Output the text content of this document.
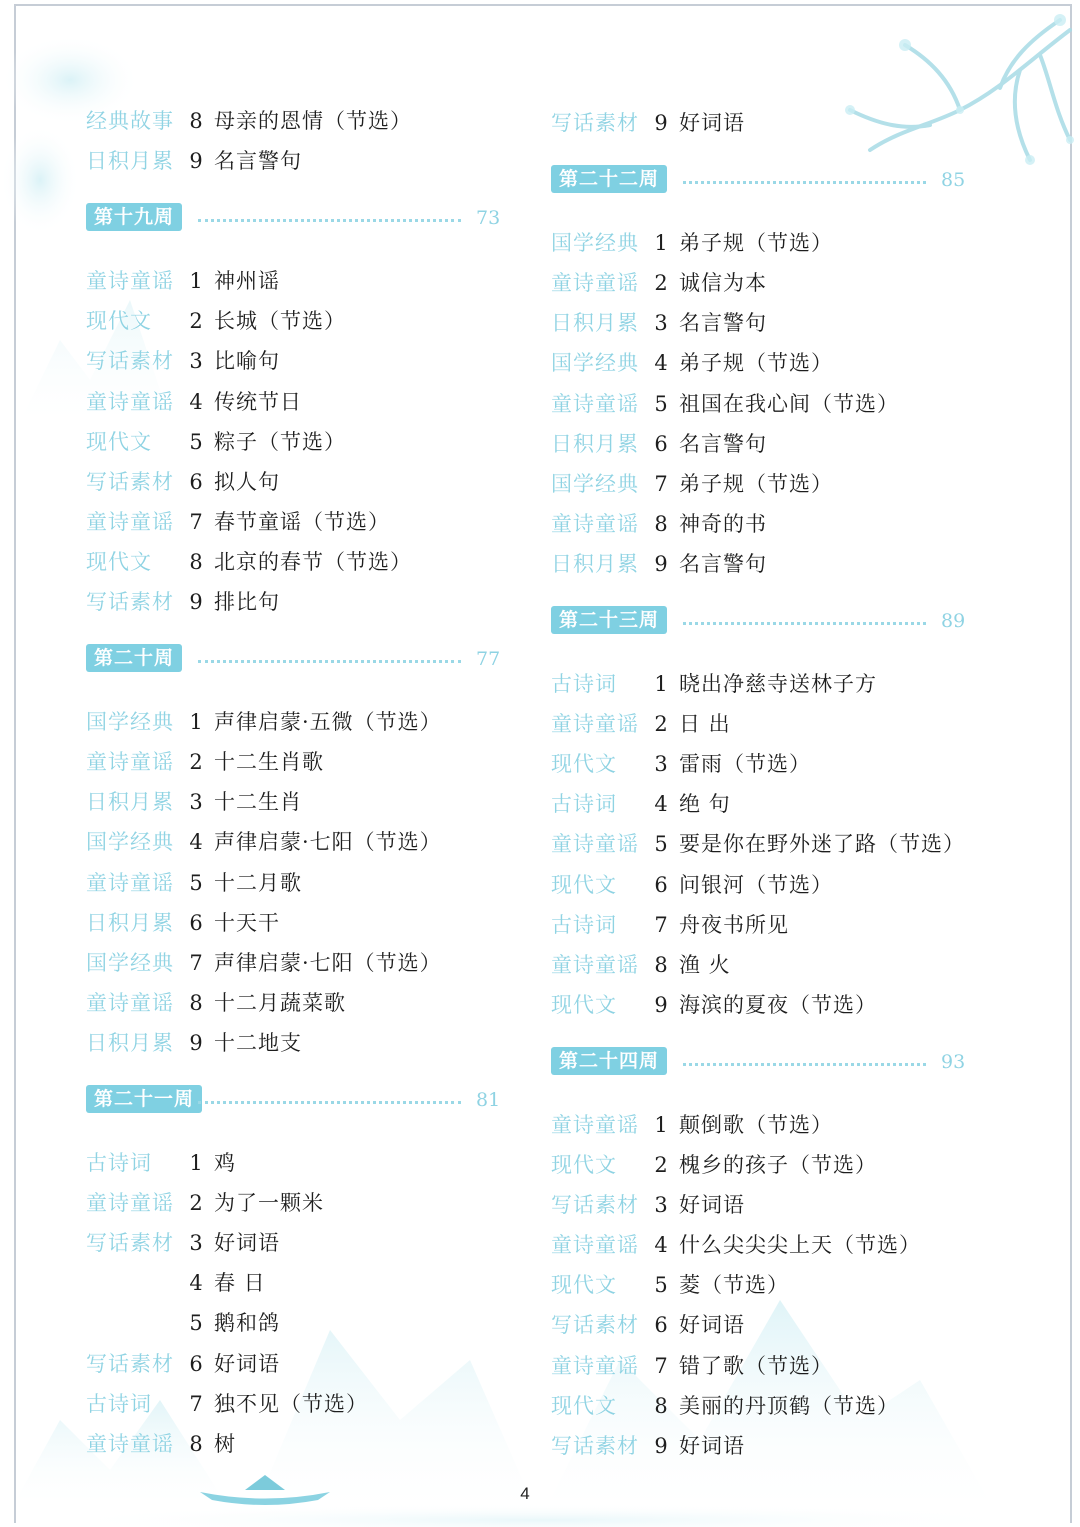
经典故事 8 母亲的恩情（节选）
日积月累 9 名言警句
第十九周	73
童诗童谣 1 神州谣
现代文 2 长城（节选）
写话素材 3 比喻句
童诗童谣 4 传统节日
现代文 5 粽子（节选）
写话素材 6 拟人句
童诗童谣 7 春节童谣（节选）
现代文 8 北京的春节（节选）
写话素材 9 排比句
第二十周	77
国学经典 1 声律启蒙·五微（节选）
童诗童谣 2 十二生肖歌
日积月累 3 十二生肖
国学经典 4 声律启蒙·七阳（节选）
童诗童谣 5 十二月歌
日积月累 6 十天干
国学经典 7 声律启蒙·七阳（节选）
童诗童谣 8 十二月蔬菜歌
日积月累 9 十二地支
第二十一周	81
古诗词 1 鸡
童诗童谣 2 为了一颗米
写话素材 3 好词语
4 春 日
5 鹅和鸽
写话素材 6 好词语
古诗词 7 独不见（节选）
童诗童谣 8 树
写话素材 9 好词语
第二十二周	85
国学经典 1 弟子规（节选）
童诗童谣 2 诚信为本
日积月累 3 名言警句
国学经典 4 弟子规（节选）
童诗童谣 5 祖国在我心间（节选）
日积月累 6 名言警句
国学经典 7 弟子规（节选）
童诗童谣 8 神奇的书
日积月累 9 名言警句
第二十三周	89
古诗词 1 晓出净慈寺送林子方
童诗童谣 2 日 出
现代文 3 雷雨（节选）
古诗词 4 绝 句
童诗童谣 5 要是你在野外迷了路（节选）
现代文 6 问银河（节选）
古诗词 7 舟夜书所见
童诗童谣 8 渔 火
现代文 9 海滨的夏夜（节选）
第二十四周	93
童诗童谣 1 颠倒歌（节选）
现代文 2 槐乡的孩子（节选）
写话素材 3 好词语
童诗童谣 4 什么尖尖尖上天（节选）
现代文 5 菱（节选）
写话素材 6 好词语
童诗童谣 7 错了歌（节选）
现代文 8 美丽的丹顶鹤（节选）
写话素材 9 好词语
4
